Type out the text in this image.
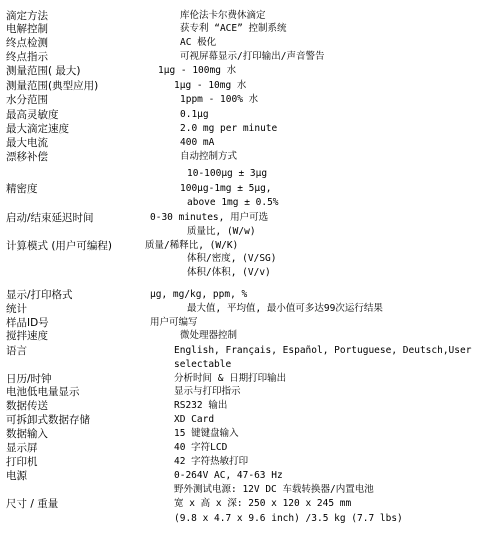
滴定方法	库伦法卡尔费休滴定
电解控制	获专利 “ACE” 控制系统
终点检测	AC 极化
终点指示	可视屏幕显示/打印输出/声音警告
测量范围( 最大)	1μg - 100mg 水
测量范围(典型应用)	1μg - 10mg 水
水分范围	1ppm - 100% 水
最高灵敏度	0.1μg
最大滴定速度	2.0 mg per minute
最大电流	400 mA
漂移补偿	自动控制方式
10-100μg ± 3μg
精密度	100μg-1mg ± 5μg,
above 1mg ± 0.5%
启动/结束延迟时间	0-30 minutes, 用户可选
质量比, (W/w)
计算模式 (用户可编程)	质量/稀释比, (W/K)
体积/密度, (V/SG)
体积/体积, (V/v)
显示/打印格式	μg, mg/kg, ppm, %
统计	最大值, 平均值, 最小值可多达99次运行结果
样品ID号	用户可编写
搅拌速度	微处理器控制
语言	English, Français, Español, Portuguese, Deutsch,User
selectable
日历/时钟	分析时间 & 日期打印输出
电池低电量显示	显示与打印指示
数据传送	RS232 输出
可拆卸式数据存储	XD Card
数据输入	15 键键盘输入
显示屏	40 字符LCD
打印机	42 字符热敏打印
电源	0-264V AC, 47-63 Hz
野外测试电源: 12V DC 车载转换器/内置电池
尺寸 / 重量	宽 x 高 x 深: 250 x 120 x 245 mm
(9.8 x 4.7 x 9.6 inch) /3.5 kg (7.7 lbs)
